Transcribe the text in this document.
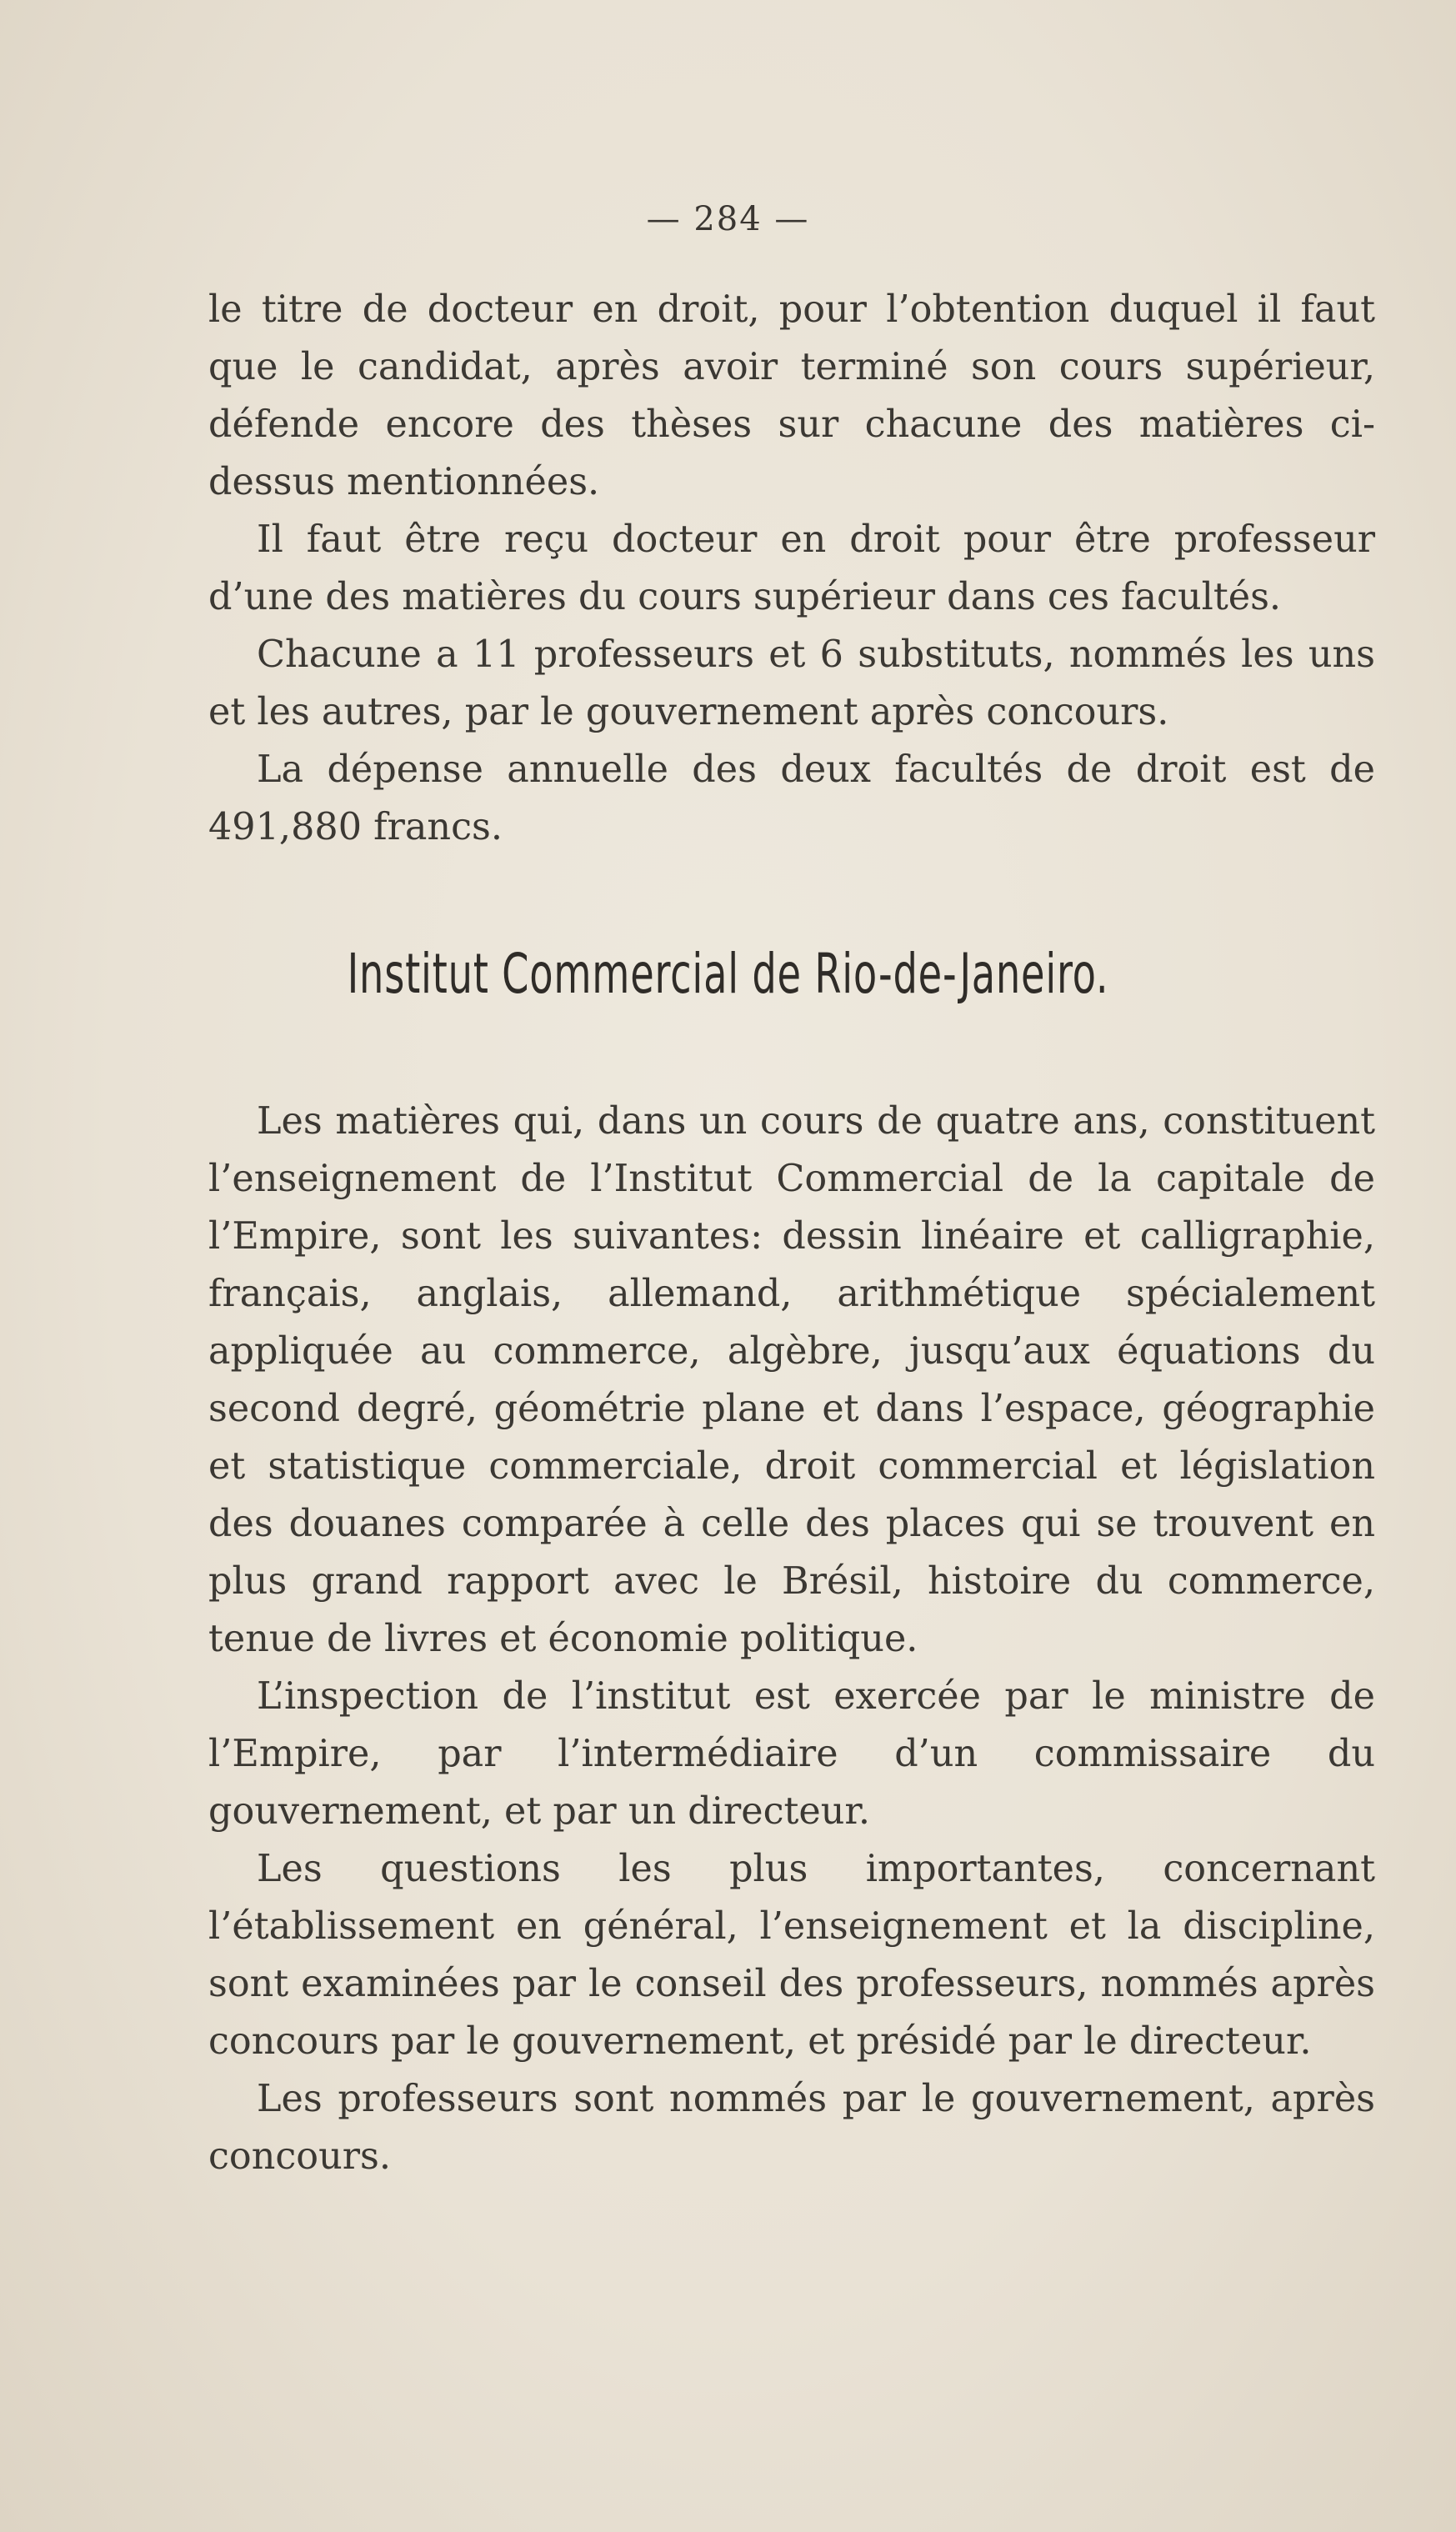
— 284 —

le titre de docteur en droit, pour l’obtention duquel il faut que le candidat, après avoir terminé son cours supérieur, défende encore des thèses sur chacune des matières ci-dessus mentionnées.

Il faut être reçu docteur en droit pour être professeur d’une des matières du cours supérieur dans ces facultés.

Chacune a 11 professeurs et 6 substituts, nommés les uns et les autres, par le gouvernement après concours.

La dépense annuelle des deux facultés de droit est de 491,880 francs.

Institut Commercial de Rio-de-Janeiro.

Les matières qui, dans un cours de quatre ans, constituent l’enseignement de l’Institut Commercial de la capitale de l’Empire, sont les suivantes: dessin linéaire et calligraphie, français, anglais, allemand, arithmétique spécialement appliquée au commerce, algèbre, jusqu’aux équations du second degré, géométrie plane et dans l’espace, géographie et statistique commerciale, droit commercial et législation des douanes comparée à celle des places qui se trouvent en plus grand rapport avec le Brésil, histoire du commerce, tenue de livres et économie politique.

L’inspection de l’institut est exercée par le ministre de l’Empire, par l’intermédiaire d’un commissaire du gouvernement, et par un directeur.

Les questions les plus importantes, concernant l’établissement en général, l’enseignement et la discipline, sont examinées par le conseil des professeurs, nommés après concours par le gouvernement, et présidé par le directeur.

Les professeurs sont nommés par le gouvernement, après concours.
